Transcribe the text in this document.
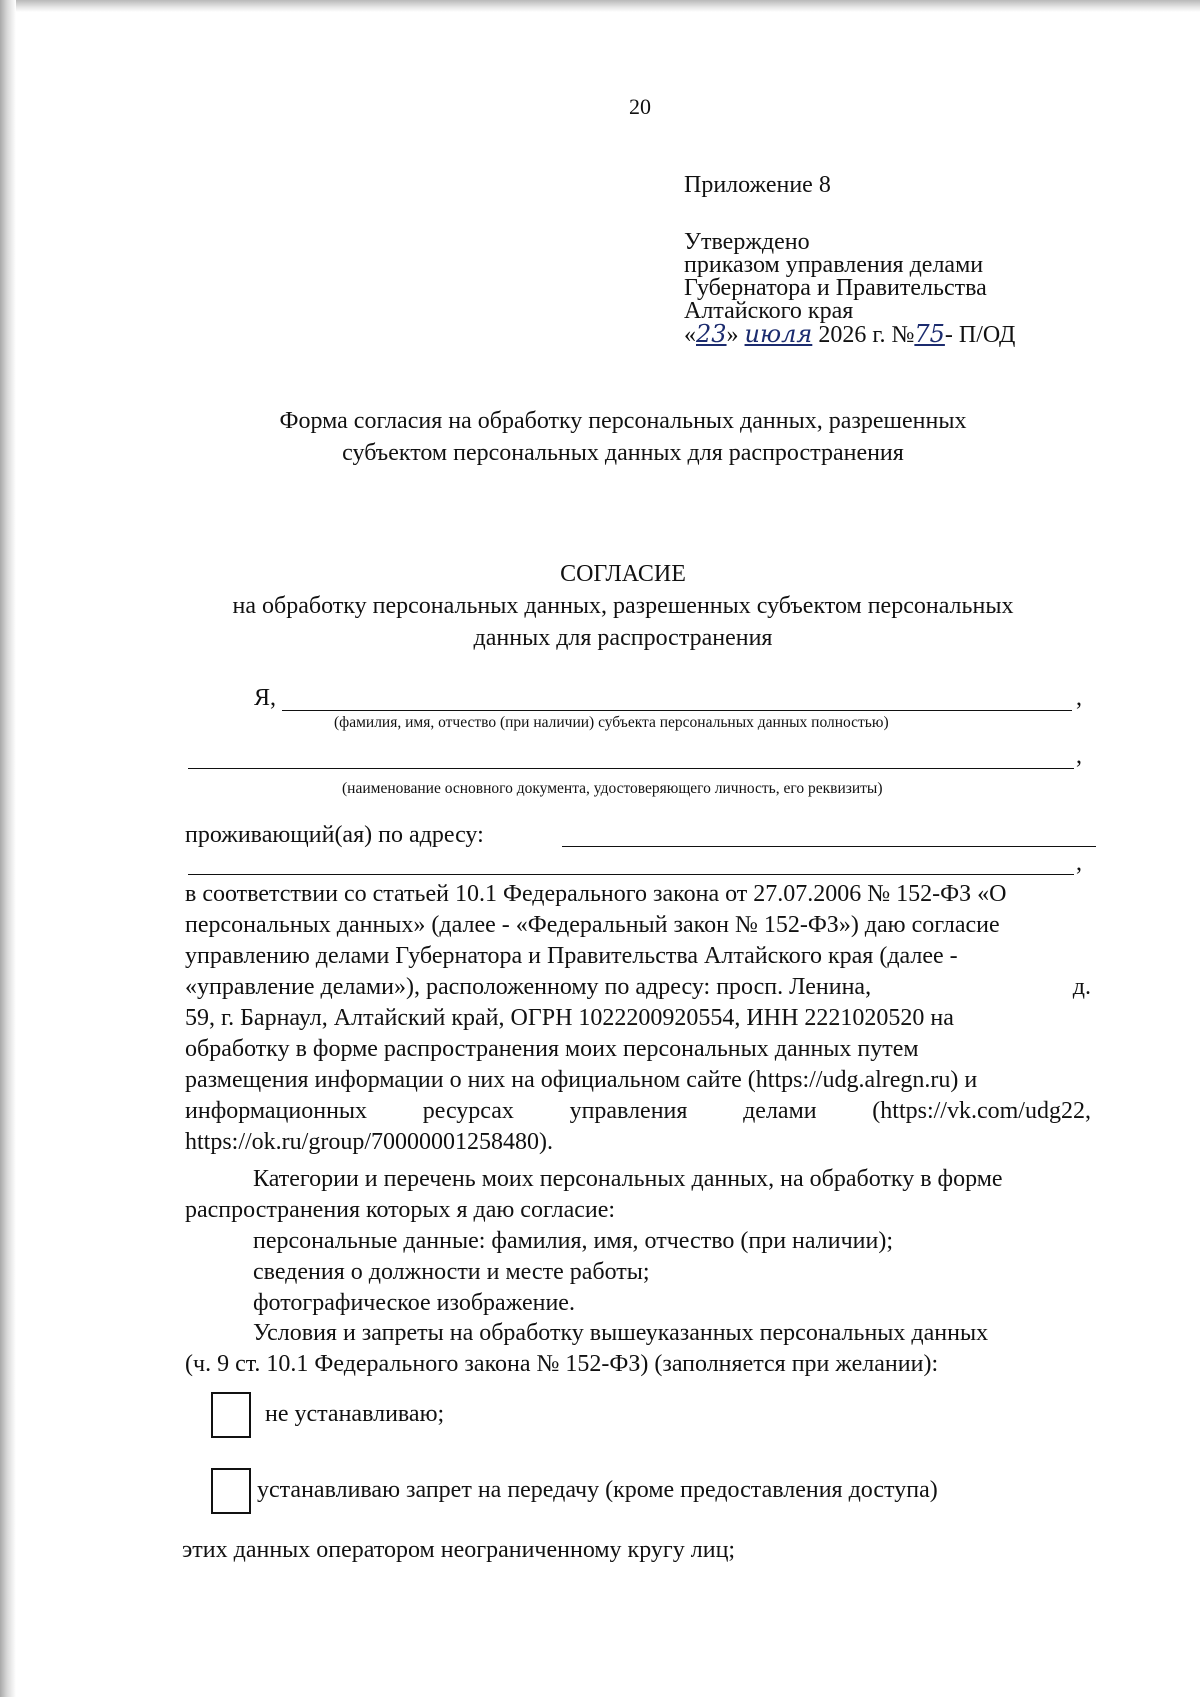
20
Приложение 8
Утверждено
приказом управления делами
Губернатора и Правительства
Алтайского края
«23» июля 2026 г. №75- П/ОД
Форма согласия на обработку персональных данных, разрешенных
субъектом персональных данных для распространения
СОГЛАСИЕ
на обработку персональных данных, разрешенных субъектом персональных
данных для распространения
Я,	,
(фамилия, имя, отчество (при наличии) субъекта персональных данных полностью)
,
(наименование основного документа, удостоверяющего личность, его реквизиты)
проживающий(ая) по адресу:
,
в соответствии со статьей 10.1 Федерального закона от 27.07.2006 № 152-ФЗ «О
персональных данных» (далее - «Федеральный закон № 152-ФЗ») даю согласие
управлению делами Губернатора и Правительства Алтайского края (далее -
«управление делами»), расположенному по адресу: просп. Ленина,	д.
59, г. Барнаул, Алтайский край, ОГРН 1022200920554, ИНН 2221020520 на
обработку в форме распространения моих персональных данных путем
размещения информации о них на официальном сайте (https://udg.alregn.ru) и
информационных ресурсах управления делами (https://vk.com/udg22,
https://ok.ru/group/70000001258480).
Категории и перечень моих персональных данных, на обработку в форме
распространения которых я даю согласие:
персональные данные: фамилия, имя, отчество (при наличии);
сведения о должности и месте работы;
фотографическое изображение.
Условия и запреты на обработку вышеуказанных персональных данных
(ч. 9 ст. 10.1 Федерального закона № 152-ФЗ) (заполняется при желании):
не устанавливаю;
устанавливаю запрет на передачу (кроме предоставления доступа)
этих данных оператором неограниченному кругу лиц;
